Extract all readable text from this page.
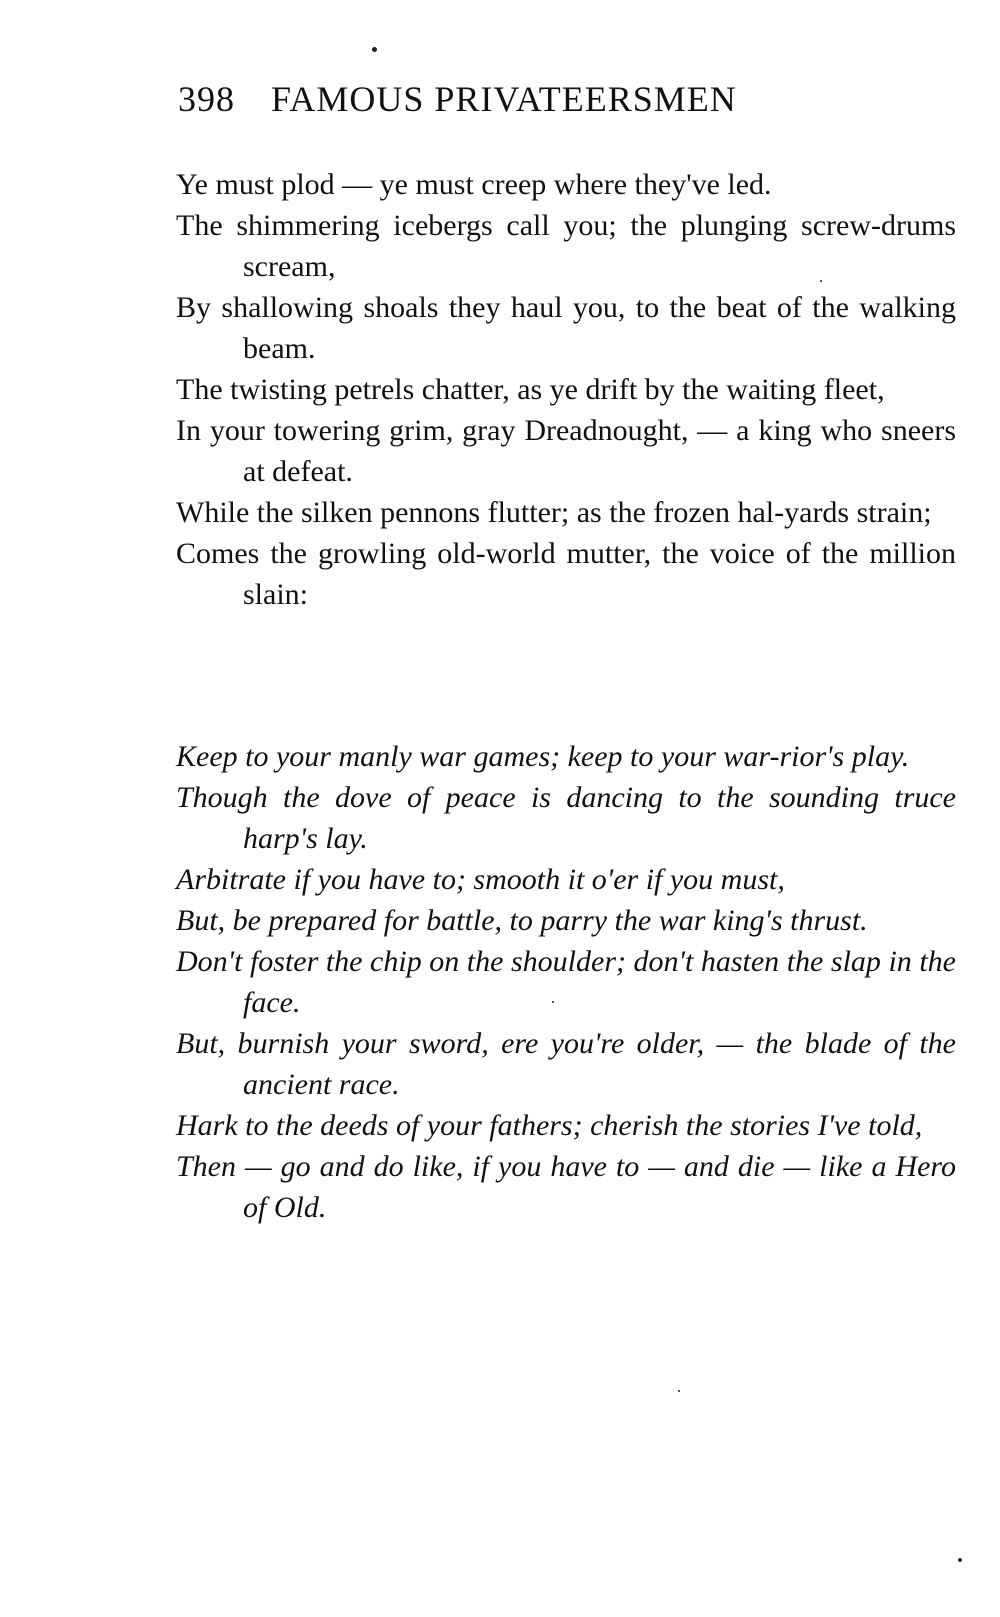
398 FAMOUS PRIVATEERSMEN

Ye must plod — ye must creep where they've led.

The shimmering icebergs call you; the plunging screw-drums scream,

By shallowing shoals they haul you, to the beat of the walking beam.

The twisting petrels chatter, as ye drift by the waiting fleet,

In your towering grim, gray Dreadnought, — a king who sneers at defeat.

While the silken pennons flutter; as the frozen hal-yards strain;

Comes the growling old-world mutter, the voice of the million slain:

Keep to your manly war games; keep to your war-rior's play.

Though the dove of peace is dancing to the sounding truce harp's lay.

Arbitrate if you have to; smooth it o'er if you must,

But, be prepared for battle, to parry the war king's thrust.

Don't foster the chip on the shoulder; don't hasten the slap in the face.

But, burnish your sword, ere you're older, — the blade of the ancient race.

Hark to the deeds of your fathers; cherish the stories I've told,

Then — go and do like, if you have to — and die — like a Hero of Old.
